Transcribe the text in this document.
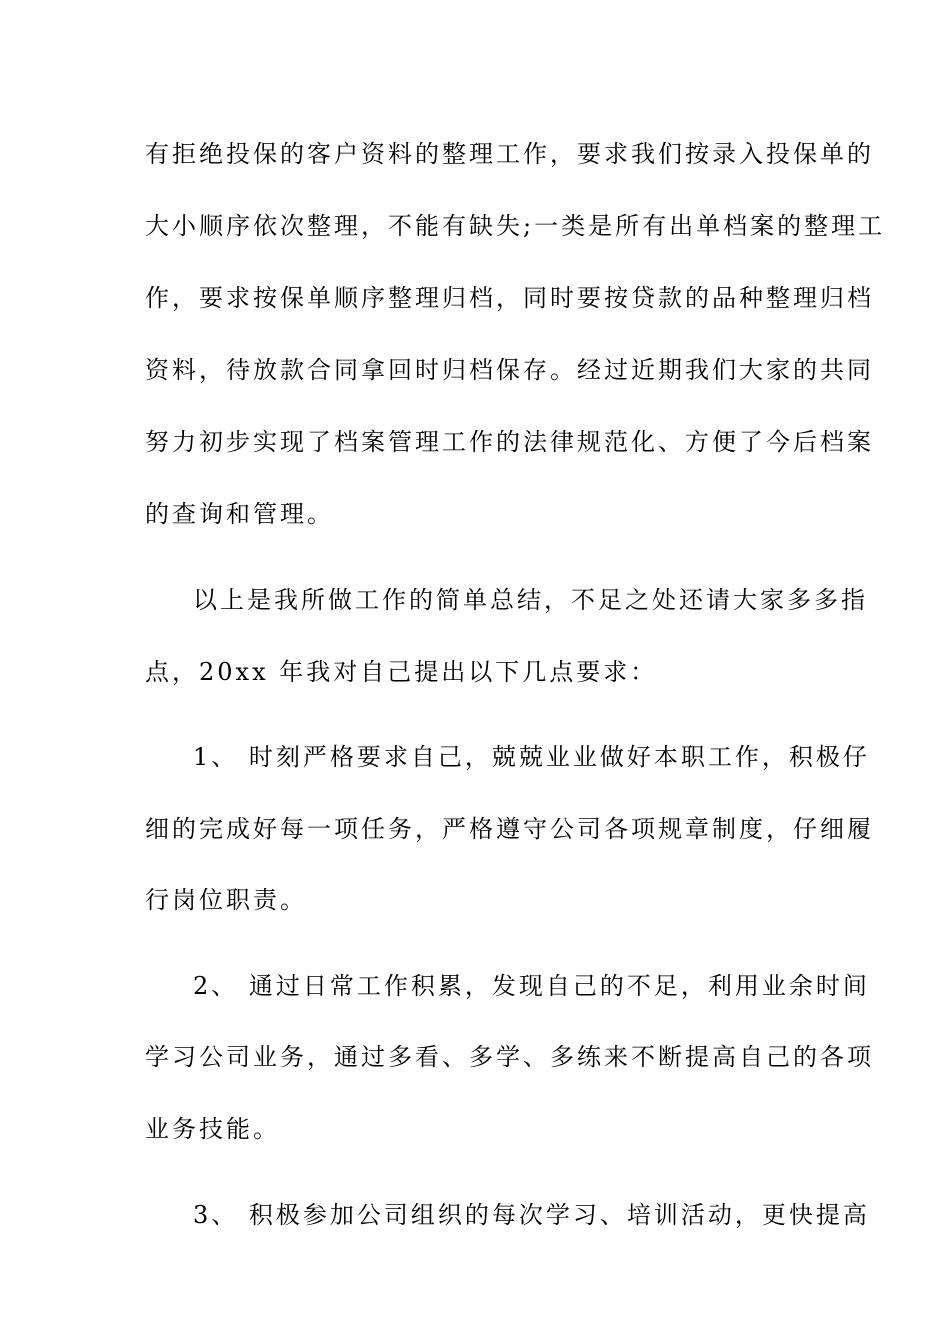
有拒绝投保的客户资料的整理工作，要求我们按录入投保单的
大小顺序依次整理，不能有缺失;一类是所有出单档案的整理工
作，要求按保单顺序整理归档，同时要按贷款的品种整理归档
资料，待放款合同拿回时归档保存。经过近期我们大家的共同
努力初步实现了档案管理工作的法律规范化、方便了今后档案
的查询和管理。
以上是我所做工作的简单总结，不足之处还请大家多多指
点，20xx 年我对自己提出以下几点要求：
1、 时刻严格要求自己，兢兢业业做好本职工作，积极仔
细的完成好每一项任务，严格遵守公司各项规章制度，仔细履
行岗位职责。
2、 通过日常工作积累，发现自己的不足，利用业余时间
学习公司业务，通过多看、多学、多练来不断提高自己的各项
业务技能。
3、 积极参加公司组织的每次学习、培训活动，更快提高
